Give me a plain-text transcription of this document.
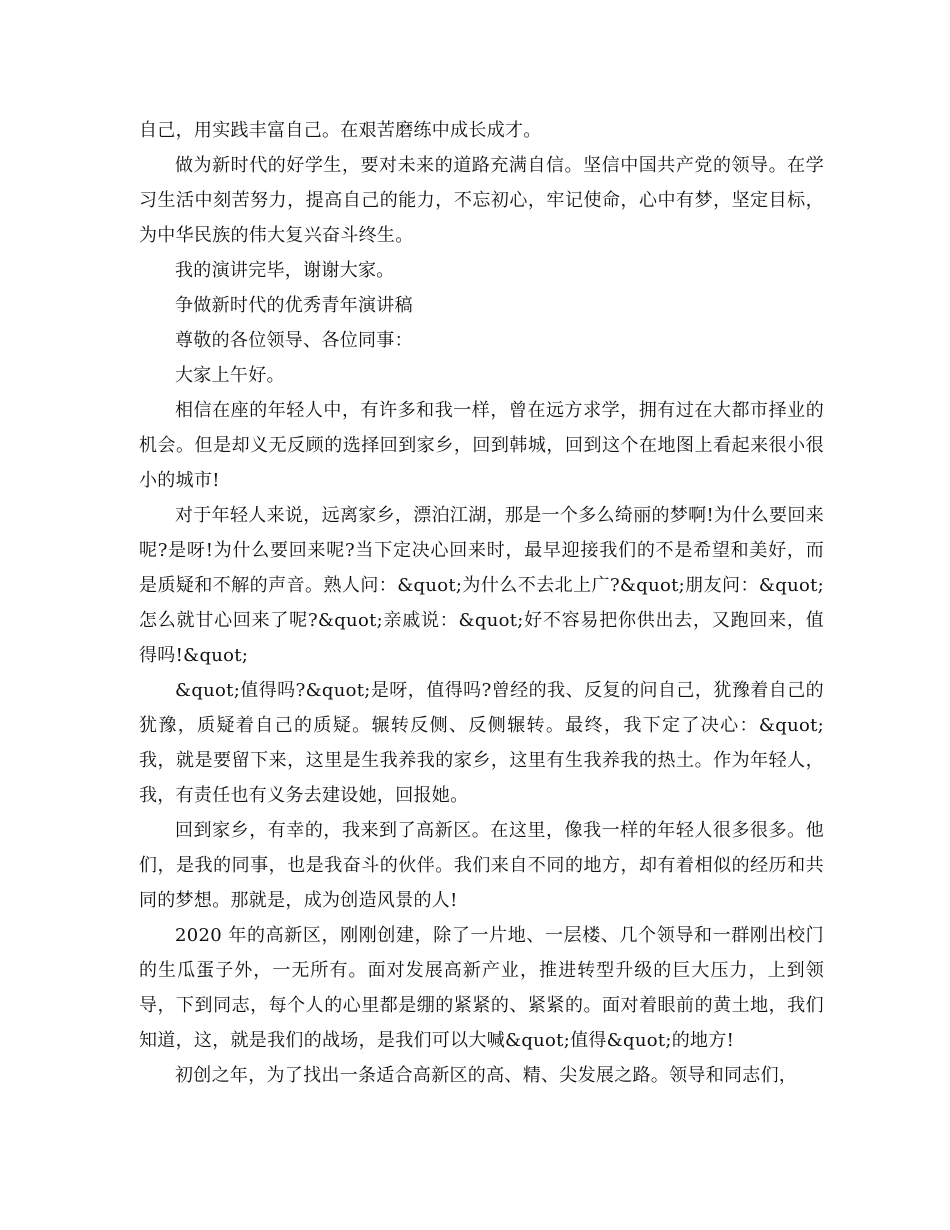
自己，用实践丰富自己。在艰苦磨练中成长成才。

做为新时代的好学生，要对未来的道路充满自信。坚信中国共产党的领导。在学习生活中刻苦努力，提高自己的能力，不忘初心，牢记使命，心中有梦，坚定目标，为中华民族的伟大复兴奋斗终生。

我的演讲完毕，谢谢大家。

争做新时代的优秀青年演讲稿

尊敬的各位领导、各位同事：

大家上午好。

相信在座的年轻人中，有许多和我一样，曾在远方求学，拥有过在大都市择业的机会。但是却义无反顾的选择回到家乡，回到韩城，回到这个在地图上看起来很小很小的城市!

对于年轻人来说，远离家乡，漂泊江湖，那是一个多么绮丽的梦啊!为什么要回来呢?是呀!为什么要回来呢?当下定决心回来时，最早迎接我们的不是希望和美好，而是质疑和不解的声音。熟人问：&quot;为什么不去北上广?&quot;朋友问：&quot;怎么就甘心回来了呢?&quot;亲戚说：&quot;好不容易把你供出去，又跑回来，值得吗!&quot;

&quot;值得吗?&quot;是呀，值得吗?曾经的我、反复的问自己，犹豫着自己的犹豫，质疑着自己的质疑。辗转反侧、反侧辗转。最终，我下定了决心：&quot;我，就是要留下来，这里是生我养我的家乡，这里有生我养我的热土。作为年轻人，我，有责任也有义务去建设她，回报她。

回到家乡，有幸的，我来到了高新区。在这里，像我一样的年轻人很多很多。他们，是我的同事，也是我奋斗的伙伴。我们来自不同的地方，却有着相似的经历和共同的梦想。那就是，成为创造风景的人!

2020 年的高新区，刚刚创建，除了一片地、一层楼、几个领导和一群刚出校门的生瓜蛋子外，一无所有。面对发展高新产业，推进转型升级的巨大压力，上到领导，下到同志，每个人的心里都是绷的紧紧的、紧紧的。面对着眼前的黄土地，我们知道，这，就是我们的战场，是我们可以大喊&quot;值得&quot;的地方!

初创之年，为了找出一条适合高新区的高、精、尖发展之路。领导和同志们，
